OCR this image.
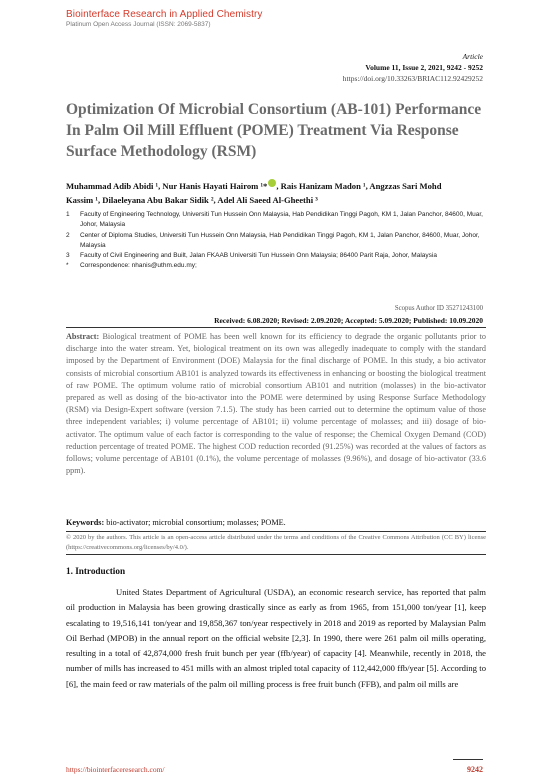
Biointerface Research in Applied Chemistry
Platinum Open Access Journal (ISSN: 2069-5837)
Article
Volume 11, Issue 2, 2021, 9242 - 9252
https://doi.org/10.33263/BRIAC112.92429252
Optimization Of Microbial Consortium (AB-101) Performance In Palm Oil Mill Effluent (POME) Treatment Via Response Surface Methodology (RSM)
Muhammad Adib Abidi ¹, Nur Hanis Hayati Hairom ¹* , Rais Hanizam Madon ¹, Angzzas Sari Mohd
Kassim ¹, Dilaeleyana Abu Bakar Sidik ², Adel Ali Saeed Al-Gheethi ³
1	Faculty of Engineering Technology, Universiti Tun Hussein Onn Malaysia, Hab Pendidikan Tinggi Pagoh, KM 1, Jalan Panchor, 84600, Muar, Johor, Malaysia
2	Center of Diploma Studies, Universiti Tun Hussein Onn Malaysia, Hab Pendidikan Tinggi Pagoh, KM 1, Jalan Panchor, 84600, Muar, Johor, Malaysia
3	Faculty of Civil Engineering and Built, Jalan FKAAB Universiti Tun Hussein Onn Malaysia; 86400 Parit Raja, Johor, Malaysia
*	Correspondence: nhanis@uthm.edu.my;
Scopus Author ID 35271243100
Received: 6.08.2020; Revised: 2.09.2020; Accepted: 5.09.2020; Published: 10.09.2020
Abstract: Biological treatment of POME has been well known for its efficiency to degrade the organic pollutants prior to discharge into the water stream. Yet, biological treatment on its own was allegedly inadequate to comply with the standard imposed by the Department of Environment (DOE) Malaysia for the final discharge of POME. In this study, a bio activator consists of microbial consortium AB101 is analyzed towards its effectiveness in enhancing or boosting the biological treatment of raw POME. The optimum volume ratio of microbial consortium AB101 and nutrition (molasses) in the bio-activator prepared as well as dosing of the bio-activator into the POME were determined by using Response Surface Methodology (RSM) via Design-Expert software (version 7.1.5). The study has been carried out to determine the optimum value of those three independent variables; i) volume percentage of AB101; ii) volume percentage of molasses; and iii) dosage of bio-activator. The optimum value of each factor is corresponding to the value of response; the Chemical Oxygen Demand (COD) reduction percentage of treated POME. The highest COD reduction recorded (91.25%) was recorded at the values of factors as follows; volume percentage of AB101 (0.1%), the volume percentage of molasses (9.96%), and dosage of bio-activator (33.6 ppm).
Keywords: bio-activator; microbial consortium; molasses; POME.
© 2020 by the authors. This article is an open-access article distributed under the terms and conditions of the Creative Commons Attribution (CC BY) license (https://creativecommons.org/licenses/by/4.0/).
1. Introduction

United States Department of Agricultural (USDA), an economic research service, has reported that palm oil production in Malaysia has been growing drastically since as early as from 1965, from 151,000 ton/year [1], keep escalating to 19,516,141 ton/year and 19,858,367 ton/year respectively in 2018 and 2019 as reported by Malaysian Palm Oil Berhad (MPOB) in the annual report on the official website [2,3]. In 1990, there were 261 palm oil mills operating, resulting in a total of 42,874,000 fresh fruit bunch per year (ffb/year) of capacity [4]. Meanwhile, recently in 2018, the number of mills has increased to 451 mills with an almost tripled total capacity of 112,442,000 ffb/year [5]. According to [6], the main feed or raw materials of the palm oil milling process is free fruit bunch (FFB), and palm oil mills are

https://biointerfaceresearch.com/	9242
